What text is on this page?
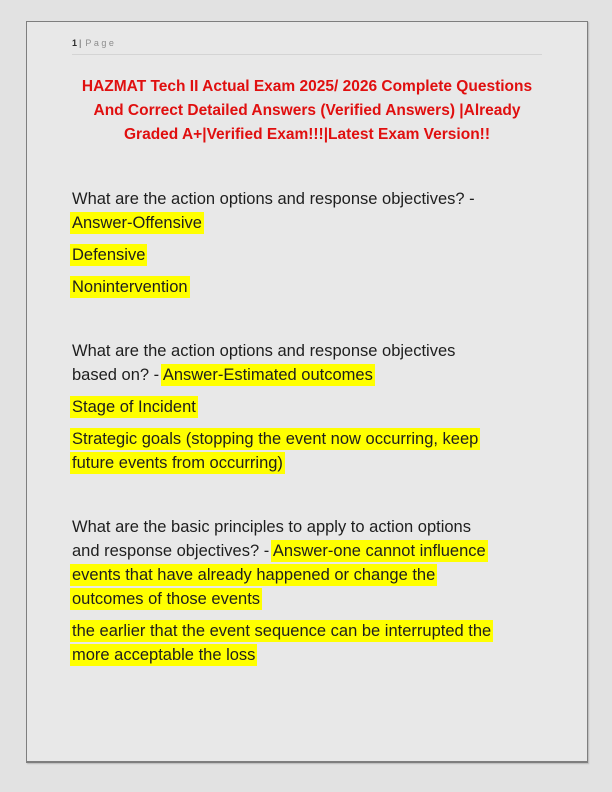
1 | Page
HAZMAT Tech II Actual Exam 2025/ 2026 Complete Questions And Correct Detailed Answers (Verified Answers) |Already Graded A+|Verified Exam!!!|Latest Exam Version!!
What are the action options and response objectives? -
Answer-Offensive
Defensive
Nonintervention
What are the action options and response objectives
based on? - Answer-Estimated outcomes
Stage of Incident
Strategic goals (stopping the event now occurring, keep
future events from occurring)
What are the basic principles to apply to action options
and response objectives? - Answer-one cannot influence
events that have already happened or change the
outcomes of those events
the earlier that the event sequence can be interrupted the
more acceptable the loss
